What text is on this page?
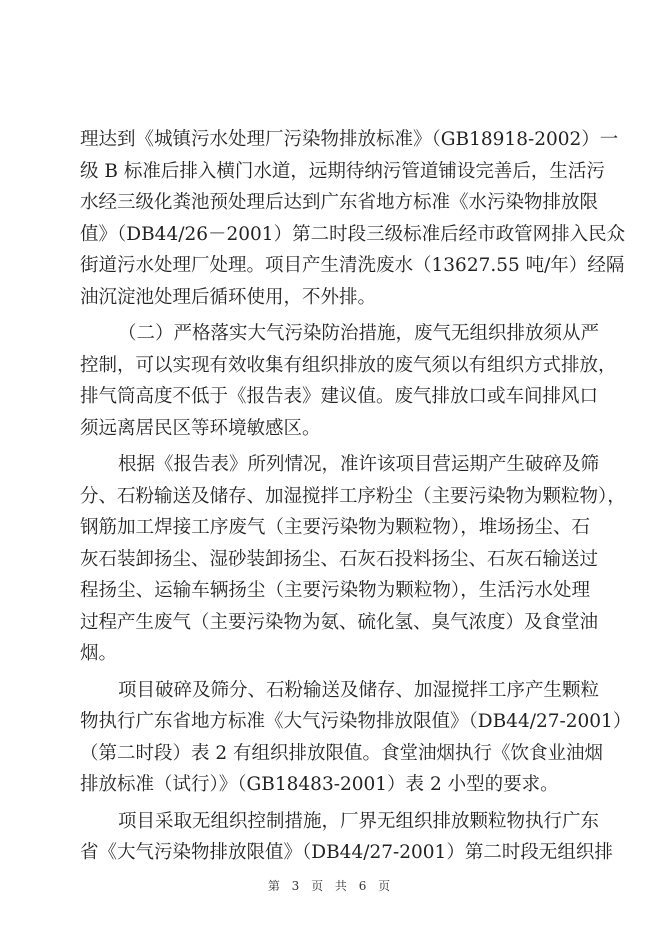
理达到《城镇污水处理厂污染物排放标准》（GB18918-2002）一
级 B 标准后排入横门水道，远期待纳污管道铺设完善后，生活污
水经三级化粪池预处理后达到广东省地方标准《水污染物排放限
值》（DB44/26－2001）第二时段三级标准后经市政管网排入民众
街道污水处理厂处理。项目产生清洗废水（13627.55 吨/年）经隔
油沉淀池处理后循环使用，不外排。
（二）严格落实大气污染防治措施，废气无组织排放须从严
控制，可以实现有效收集有组织排放的废气须以有组织方式排放，
排气筒高度不低于《报告表》建议值。废气排放口或车间排风口
须远离居民区等环境敏感区。
根据《报告表》所列情况，准许该项目营运期产生破碎及筛
分、石粉输送及储存、加湿搅拌工序粉尘（主要污染物为颗粒物），
钢筋加工焊接工序废气（主要污染物为颗粒物），堆场扬尘、石
灰石装卸扬尘、湿砂装卸扬尘、石灰石投料扬尘、石灰石输送过
程扬尘、运输车辆扬尘（主要污染物为颗粒物），生活污水处理
过程产生废气（主要污染物为氨、硫化氢、臭气浓度）及食堂油
烟。
项目破碎及筛分、石粉输送及储存、加湿搅拌工序产生颗粒
物执行广东省地方标准《大气污染物排放限值》（DB44/27-2001）
（第二时段）表 2 有组织排放限值。食堂油烟执行《饮食业油烟
排放标准（试行）》（GB18483-2001）表 2 小型的要求。
项目采取无组织控制措施，厂界无组织排放颗粒物执行广东
省《大气污染物排放限值》（DB44/27-2001）第二时段无组织排
第 3 页 共 6 页
